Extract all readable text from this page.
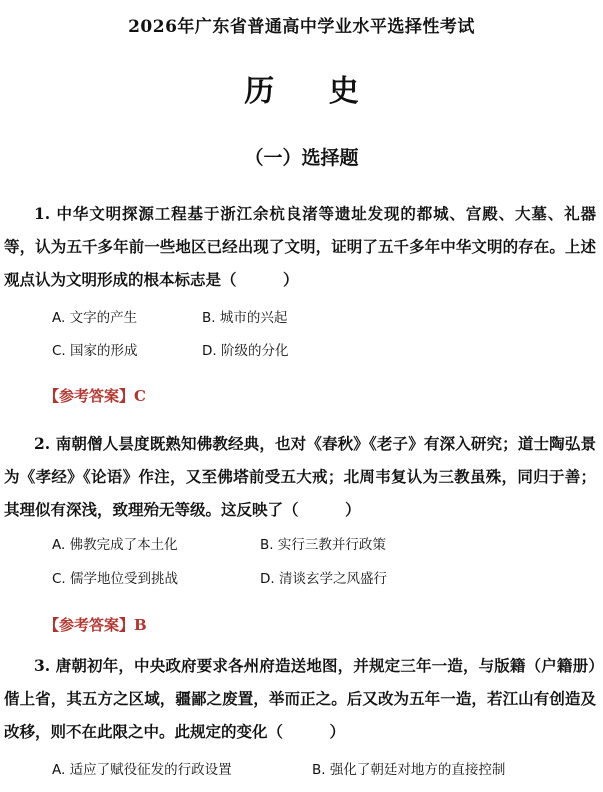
2026年广东省普通高中学业水平选择性考试
历 史
（一）选择题

1. 中华文明探源工程基于浙江余杭良渚等遗址发现的都城、宫殿、大墓、礼器等，认为五千多年前一些地区已经出现了文明，证明了五千多年中华文明的存在。上述观点认为文明形成的根本标志是（　　　）

A. 文字的产生	B. 城市的兴起
C. 国家的形成	D. 阶级的分化
【参考答案】C

2. 南朝僧人昙度既熟知佛教经典，也对《春秋》《老子》有深入研究；道士陶弘景为《孝经》《论语》作注，又至佛塔前受五大戒；北周韦复认为三教虽殊，同归于善；其理似有深浅，致理殆无等级。这反映了（　　　）

A. 佛教完成了本土化	B. 实行三教并行政策
C. 儒学地位受到挑战	D. 清谈玄学之风盛行
【参考答案】B

3. 唐朝初年，中央政府要求各州府造送地图，并规定三年一造，与版籍（户籍册）偕上省，其五方之区域，疆鄙之废置，举而正之。后又改为五年一造，若江山有创造及改移，则不在此限之中。此规定的变化（　　　）

A. 适应了赋役征发的行政设置	B. 强化了朝廷对地方的直接控制
